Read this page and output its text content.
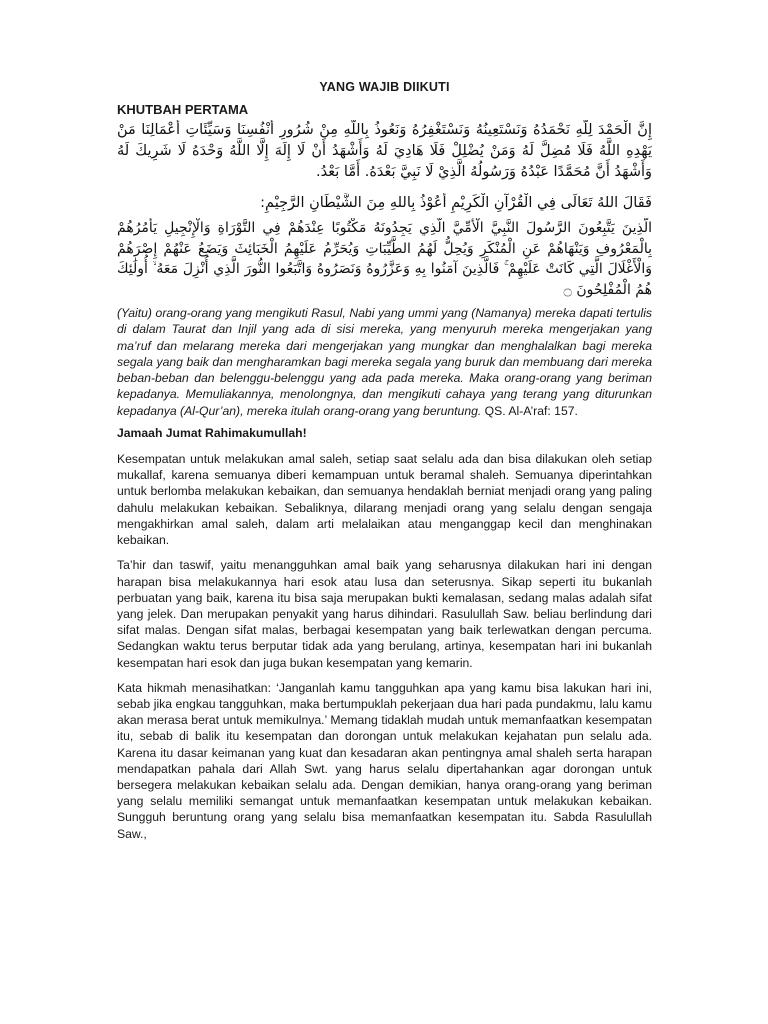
YANG WAJIB DIIKUTI
KHUTBAH PERTAMA
إِنَّ الْحَمْدَ لِلَّهِ نَحْمَدُهُ وَنَسْتَعِينُهُ وَنَسْتَغْفِرُهُ وَنَعُوذُ بِاللَّهِ مِنْ شُرُورِ أَنْفُسِنَا وَسَيِّئَاتِ أَعْمَالِنَا مَنْ يَهْدِهِ اللَّهُ فَلَا مُضِلَّ لَهُ وَمَنْ يُضْلِلْ فَلَا هَادِيَ لَهُ وَأَشْهَدُ أَنْ لَا إِلَهَ إِلَّا اللَّهُ وَحْدَهُ لَا شَرِيكَ لَهُ وَأَشْهَدُ أَنَّ مُحَمَّدًا عَبْدُهُ وَرَسُولُهُ الَّذِيْ لَا نَبِيَّ بَعْدَهُ. أَمَّا بَعْدُ.
فَقَالَ اللهُ تَعَالَى فِي الْقُرْآنِ الْكَرِيْمِ أَعُوْذُ بِاللهِ مِنَ الشَّيْطَانِ الرَّجِيْمِ:
الَّذِينَ يَتَّبِعُونَ الرَّسُولَ النَّبِيَّ الْأُمِّيَّ الَّذِي يَجِدُونَهُ مَكْتُوبًا عِنْدَهُمْ فِي التَّوْرَاةِ وَالْإِنْجِيلِ يَأْمُرُهُمْ بِالْمَعْرُوفِ وَيَنْهَاهُمْ عَنِ الْمُنْكَرِ وَيُحِلُّ لَهُمُ الطَّيِّبَاتِ وَيُحَرِّمُ عَلَيْهِمُ الْخَبَائِثَ وَيَضَعُ عَنْهُمْ إِصْرَهُمْ وَالْأَغْلَالَ الَّتِي كَانَتْ عَلَيْهِمْ ۚ فَالَّذِينَ آمَنُوا بِهِ وَعَزَّرُوهُ وَنَصَرُوهُ وَاتَّبَعُوا النُّورَ الَّذِي أُنْزِلَ مَعَهُ ۙ أُولَٰئِكَ هُمُ الْمُفْلِحُونَ ۝

(Yaitu) orang-orang yang mengikuti Rasul, Nabi yang ummi yang (Namanya) mereka dapati tertulis di dalam Taurat dan Injil yang ada di sisi mereka, yang menyuruh mereka mengerjakan yang ma’ruf dan melarang mereka dari mengerjakan yang mungkar dan menghalalkan bagi mereka segala yang baik dan mengharamkan bagi mereka segala yang buruk dan membuang dari mereka beban-beban dan belenggu-belenggu yang ada pada mereka. Maka orang-orang yang beriman kepadanya. Memuliakannya, menolongnya, dan mengikuti cahaya yang terang yang diturunkan kepadanya (Al-Qur’an), mereka itulah orang-orang yang beruntung. QS. Al-A’raf: 157.

Jamaah Jumat Rahimakumullah!

Kesempatan untuk melakukan amal saleh, setiap saat selalu ada dan bisa dilakukan oleh setiap mukallaf, karena semuanya diberi kemampuan untuk beramal shaleh. Semuanya diperintahkan untuk berlomba melakukan kebaikan, dan semuanya hendaklah berniat menjadi orang yang paling dahulu melakukan kebaikan. Sebaliknya, dilarang menjadi orang yang selalu dengan sengaja mengakhirkan amal saleh, dalam arti melalaikan atau menganggap kecil dan menghinakan kebaikan.

Ta’hir dan taswif, yaitu menangguhkan amal baik yang seharusnya dilakukan hari ini dengan harapan bisa melakukannya hari esok atau lusa dan seterusnya. Sikap seperti itu bukanlah perbuatan yang baik, karena itu bisa saja merupakan bukti kemalasan, sedang malas adalah sifat yang jelek. Dan merupakan penyakit yang harus dihindari. Rasulullah Saw. beliau berlindung dari sifat malas. Dengan sifat malas, berbagai kesempatan yang baik terlewatkan dengan percuma. Sedangkan waktu terus berputar tidak ada yang berulang, artinya, kesempatan hari ini bukanlah kesempatan hari esok dan juga bukan kesempatan yang kemarin.

Kata hikmah menasihatkan: ‘Janganlah kamu tangguhkan apa yang kamu bisa lakukan hari ini, sebab jika engkau tangguhkan, maka bertumpuklah pekerjaan dua hari pada pundakmu, lalu kamu akan merasa berat untuk memikulnya.’ Memang tidaklah mudah untuk memanfaatkan kesempatan itu, sebab di balik itu kesempatan dan dorongan untuk melakukan kejahatan pun selalu ada. Karena itu dasar keimanan yang kuat dan kesadaran akan pentingnya amal shaleh serta harapan mendapatkan pahala dari Allah Swt. yang harus selalu dipertahankan agar dorongan untuk bersegera melakukan kebaikan selalu ada. Dengan demikian, hanya orang-orang yang beriman yang selalu memiliki semangat untuk memanfaatkan kesempatan untuk melakukan kebaikan. Sungguh beruntung orang yang selalu bisa memanfaatkan kesempatan itu. Sabda Rasulullah Saw.,
